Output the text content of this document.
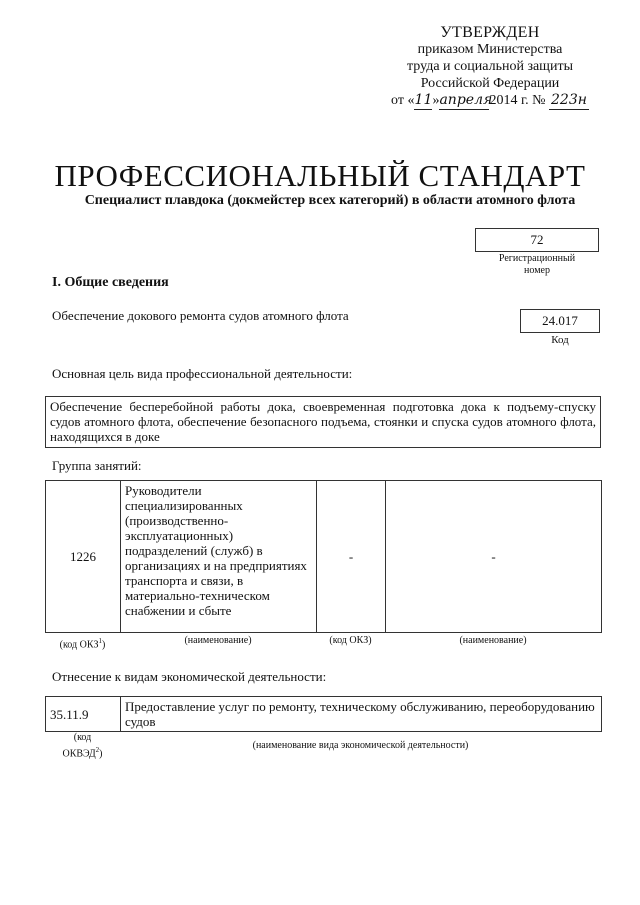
УТВЕРЖДЕН
приказом Министерства
труда и социальной защиты
Российской Федерации
от «11»апреля2014 г. № 223н
ПРОФЕССИОНАЛЬНЫЙ СТАНДАРТ
Специалист плавдока (докмейстер всех категорий) в области атомного флота
72
Регистрационный номер
I. Общие сведения
Обеспечение докового ремонта судов атомного флота	24.017
Код
Основная цель вида профессиональной деятельности:
Обеспечение бесперебойной работы дока, своевременная подготовка дока к подъему-спуску судов атомного флота, обеспечение безопасного подъема, стоянки и спуска судов атомного флота, находящихся в доке
Группа занятий:
1226	Руководители специализированных (производственно-эксплуатационных) подразделений (служб) в организациях и на предприятиях транспорта и связи, в материально-техническом снабжении и сбыте	-	-
(код ОКЗ$^1$)	(наименование)	(код ОКЗ)	(наименование)
Отнесение к видам экономической деятельности:
35.11.9	Предоставление услуг по ремонту, техническому обслуживанию, переоборудованию судов
(код
ОКВЭД$^2$)
(наименование вида экономической деятельности)
